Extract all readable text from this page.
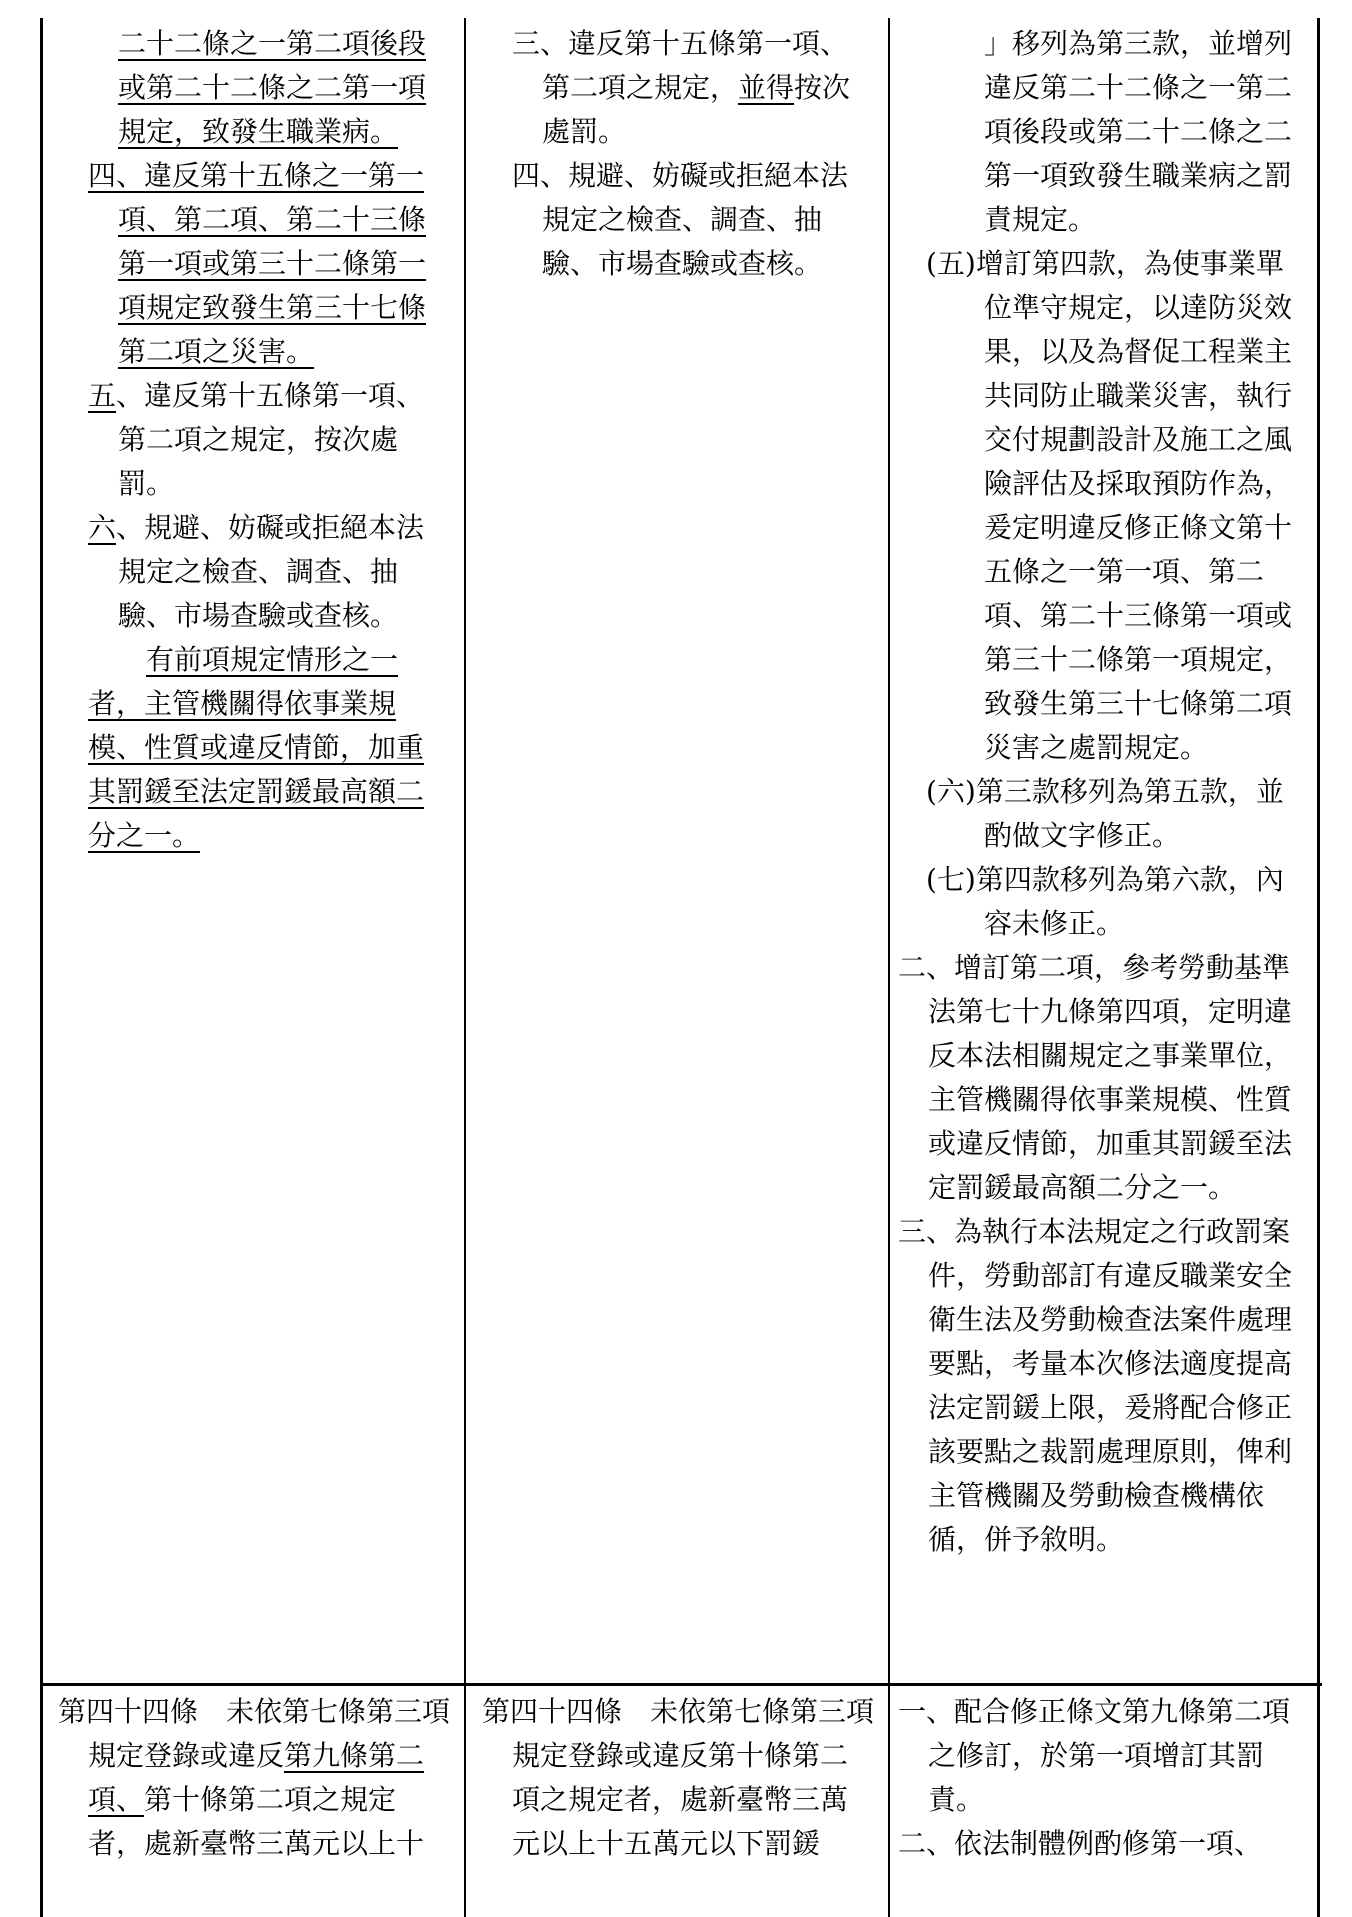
二十二條之一第二項後段或第二十二條之二第一項規定，致發生職業病。

四、違反第十五條之一第一項、第二項、第二十三條第一項或第三十二條第一項規定致發生第三十七條第二項之災害。

五、違反第十五條第一項、第二項之規定，按次處罰。

六、規避、妨礙或拒絕本法規定之檢查、調查、抽驗、市場查驗或查核。

有前項規定情形之一者，主管機關得依事業規模、性質或違反情節，加重其罰鍰至法定罰鍰最高額二分之一。

三、違反第十五條第一項、第二項之規定，並得按次處罰。

四、規避、妨礙或拒絕本法規定之檢查、調查、抽驗、市場查驗或查核。

」移列為第三款，並增列違反第二十二條之一第二項後段或第二十二條之二第一項致發生職業病之罰責規定。

(五)增訂第四款，為使事業單位準守規定，以達防災效果，以及為督促工程業主共同防止職業災害，執行交付規劃設計及施工之風險評估及採取預防作為，爰定明違反修正條文第十五條之一第一項、第二項、第二十三條第一項或第三十二條第一項規定，致發生第三十七條第二項災害之處罰規定。

(六)第三款移列為第五款，並酌做文字修正。

(七)第四款移列為第六款，內容未修正。

二、增訂第二項，參考勞動基準法第七十九條第四項，定明違反本法相關規定之事業單位，主管機關得依事業規模、性質或違反情節，加重其罰鍰至法定罰鍰最高額二分之一。

三、為執行本法規定之行政罰案件，勞動部訂有違反職業安全衛生法及勞動檢查法案件處理要點，考量本次修法適度提高法定罰鍰上限，爰將配合修正該要點之裁罰處理原則，俾利主管機關及勞動檢查機構依循，併予敘明。

第四十四條　未依第七條第三項規定登錄或違反第九條第二項、第十條第二項之規定者，處新臺幣三萬元以上十

第四十四條　未依第七條第三項規定登錄或違反第十條第二項之規定者，處新臺幣三萬元以上十五萬元以下罰鍰

一、配合修正條文第九條第二項之修訂，於第一項增訂其罰責。

二、依法制體例酌修第一項、
